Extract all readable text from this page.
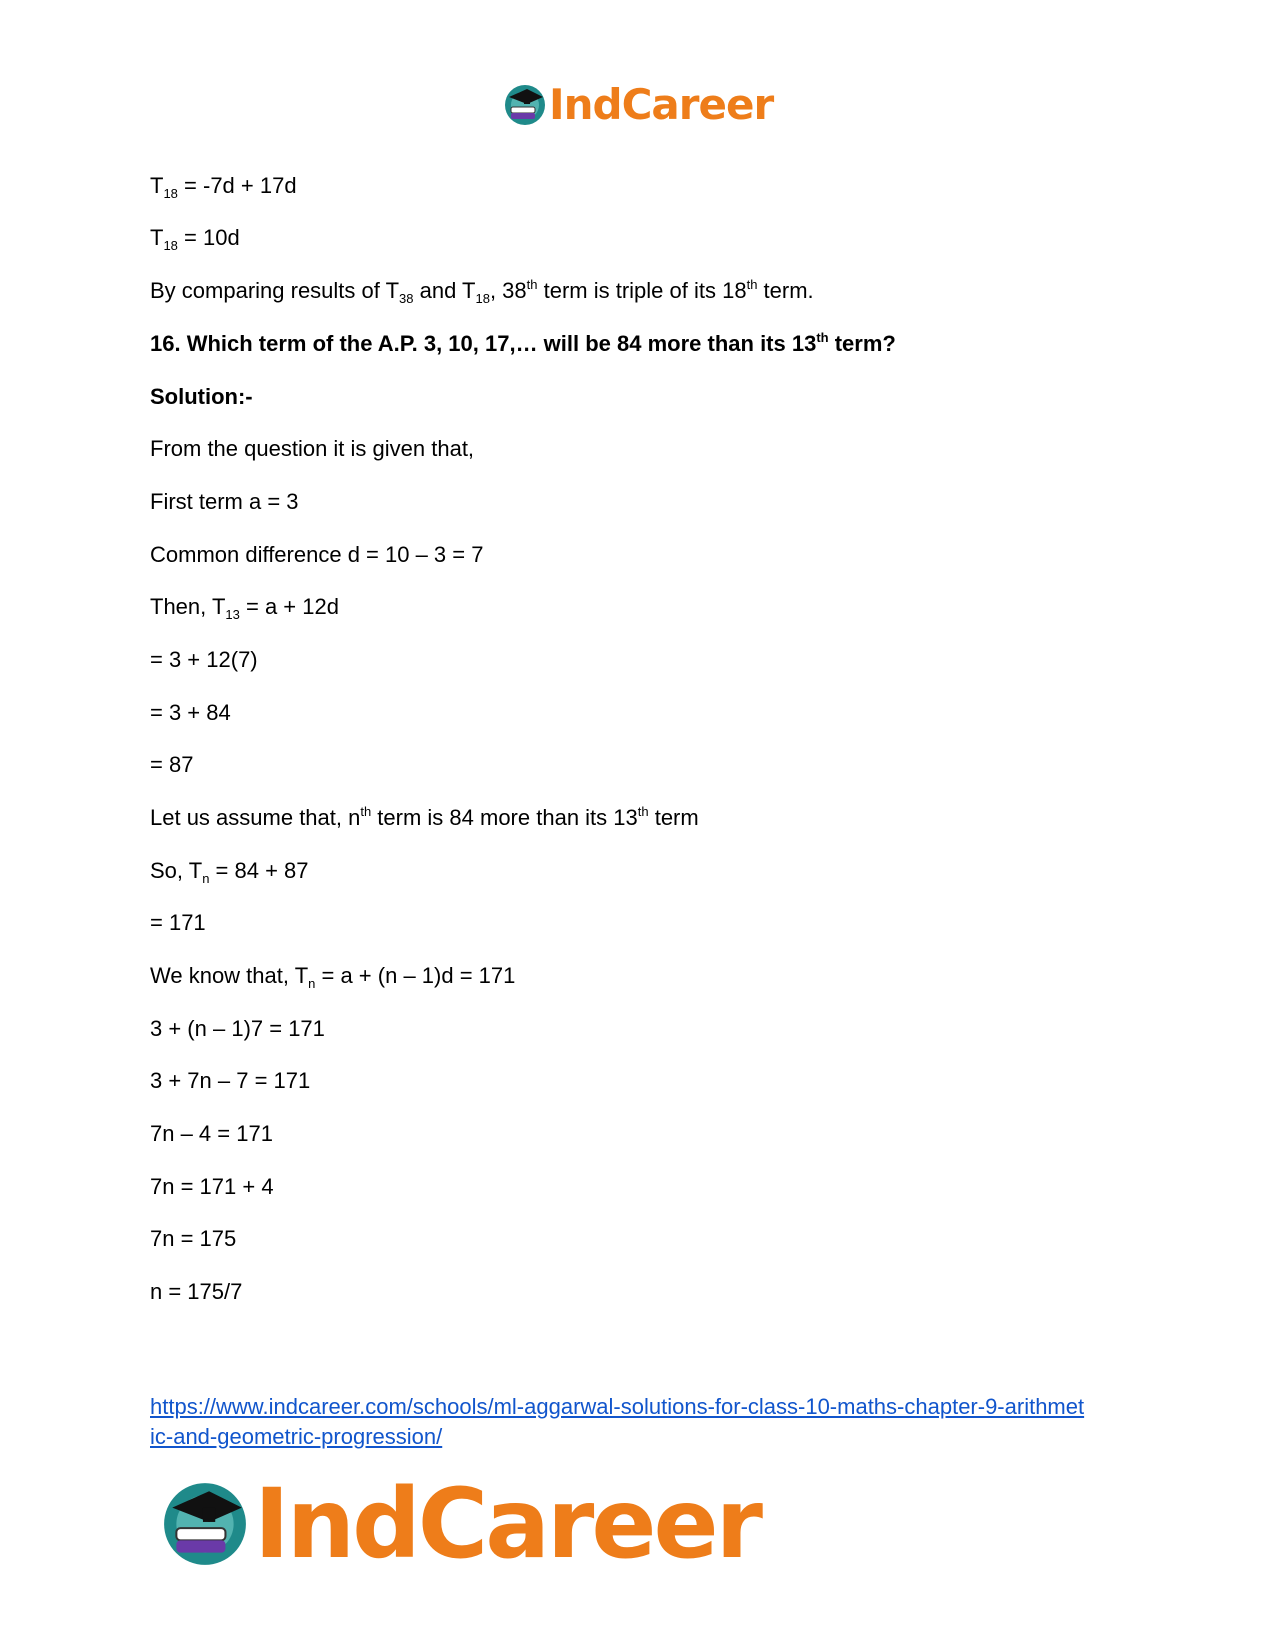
IndCareer
$T_{18} = -7d + 17d$
$T_{18} = 10d$
By comparing results of $T_{38}$ and $T_{18}$, 38th term is triple of its 18th term.
16. Which term of the A.P. 3, 10, 17,… will be 84 more than its 13th term?
Solution:-
From the question it is given that,
First term a = 3
Common difference d = 10 – 3 = 7
Then, $T_{13} = a + 12d$
= 3 + 12(7)
= 3 + 84
= 87
Let us assume that, $n^{th}$ term is 84 more than its 13th term
So, $T_n = 84 + 87$
= 171
We know that, $T_n = a + (n - 1)d = 171$
3 + (n – 1)7 = 171
3 + 7n – 7 = 171
7n – 4 = 171
7n = 171 + 4
7n = 175
n = 175/7
https://www.indcareer.com/schools/ml-aggarwal-solutions-for-class-10-maths-chapter-9-arithmet
ic-and-geometric-progression/
IndCareer
